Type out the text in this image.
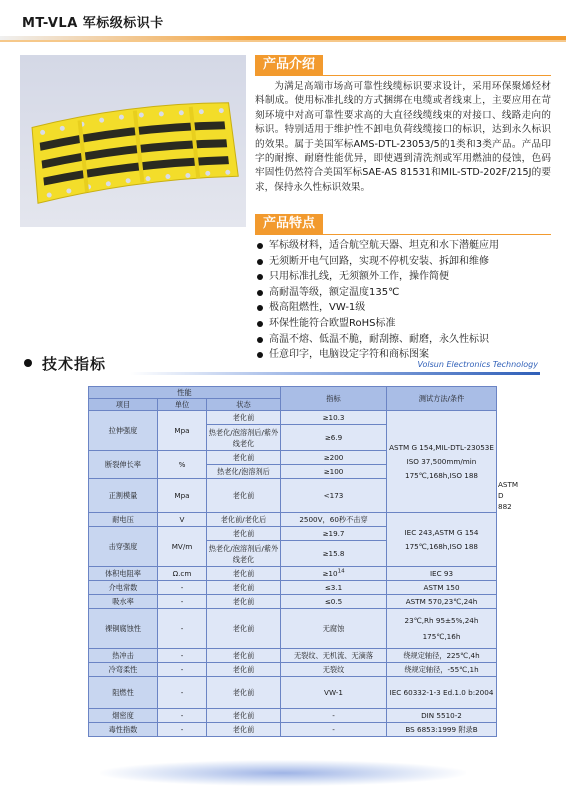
MT-VLA 军标级标识卡
产品介绍

为满足高端市场高可靠性线缆标识要求设计，采用环保聚烯烃材料制成。使用标准扎线的方式捆绑在电缆或者线束上，主要应用在苛刻环境中对高可靠性要求高的大直径线缆线束的对接口、线路走向的标识。特别适用于维护性不卸电负荷线缆接口的标识，达到永久标识的效果。属于美国军标AMS-DTL-23053/5的1类和3类产品。产品印字的耐擦、耐磨性能优异，即使遇到清洗剂或军用燃油的侵蚀，色码牢固性仍然符合美国军标SAE-AS 81531和MIL-STD-202F/215J的要求，保持永久性标识效果。

产品特点
军标级材料，适合航空航天器、坦克和水下潜艇应用
无须断开电气回路，实现不停机安装、拆卸和维修
只用标准扎线，无须额外工作，操作简便
高耐温等级，额定温度135℃
极高阻燃性，VW-1级
环保性能符合欧盟RoHS标准
高温不熔、低温不脆，耐刮擦、耐磨，永久性标识
任意印字，电脑设定字符和商标图案
技术指标	Volsun Electronics Technology
性能			指标	测试方法/条件	
项目	单位	状态			
拉伸强度	Mpa	老化前	≥10.3	ASTM G 154,MIL-DTL-23053E ISO 37,500mm/min 175℃,168h,ISO 188	
		热老化/泡溶剂后/紫外线老化	≥6.9		

断裂伸长率	%	老化前	≥200		
		热老化/泡溶剂后	≥100		
正割模量	Mpa	老化前	<173		ASTM D 882
耐电压	V	老化前/老化后	2500V，60秒不击穿	IEC 243,ASTM G 154 175℃,168h,ISO 188	
击穿强度	MV/m	老化前	≥19.7		
		热老化/泡溶剂后/紫外线老化	≥15.8		

体积电阻率	Ω.cm	老化前	$\ge 10^{14}$	IEC 93	
介电常数	-	老化前	≤3.1	ASTM 150	
吸水率	-	老化前	≤0.5	ASTM 570,23℃,24h	
裸铜腐蚀性	-	老化前	无腐蚀	23℃,Rh 95±5%,24h 175℃,16h	
热冲击	-	老化前	无裂纹、无机流、无滴落	绕规定轴径，225℃,4h	
冷弯柔性	-	老化前	无裂纹	绕规定轴径，-55℃,1h	
阻燃性	-	老化前	VW-1	IEC 60332-1-3 Ed.1.0 b:2004	
烟密度	-	老化前	-	DIN 5510-2	
毒性指数	-	老化前	-	BS 6853:1999 附录B	
